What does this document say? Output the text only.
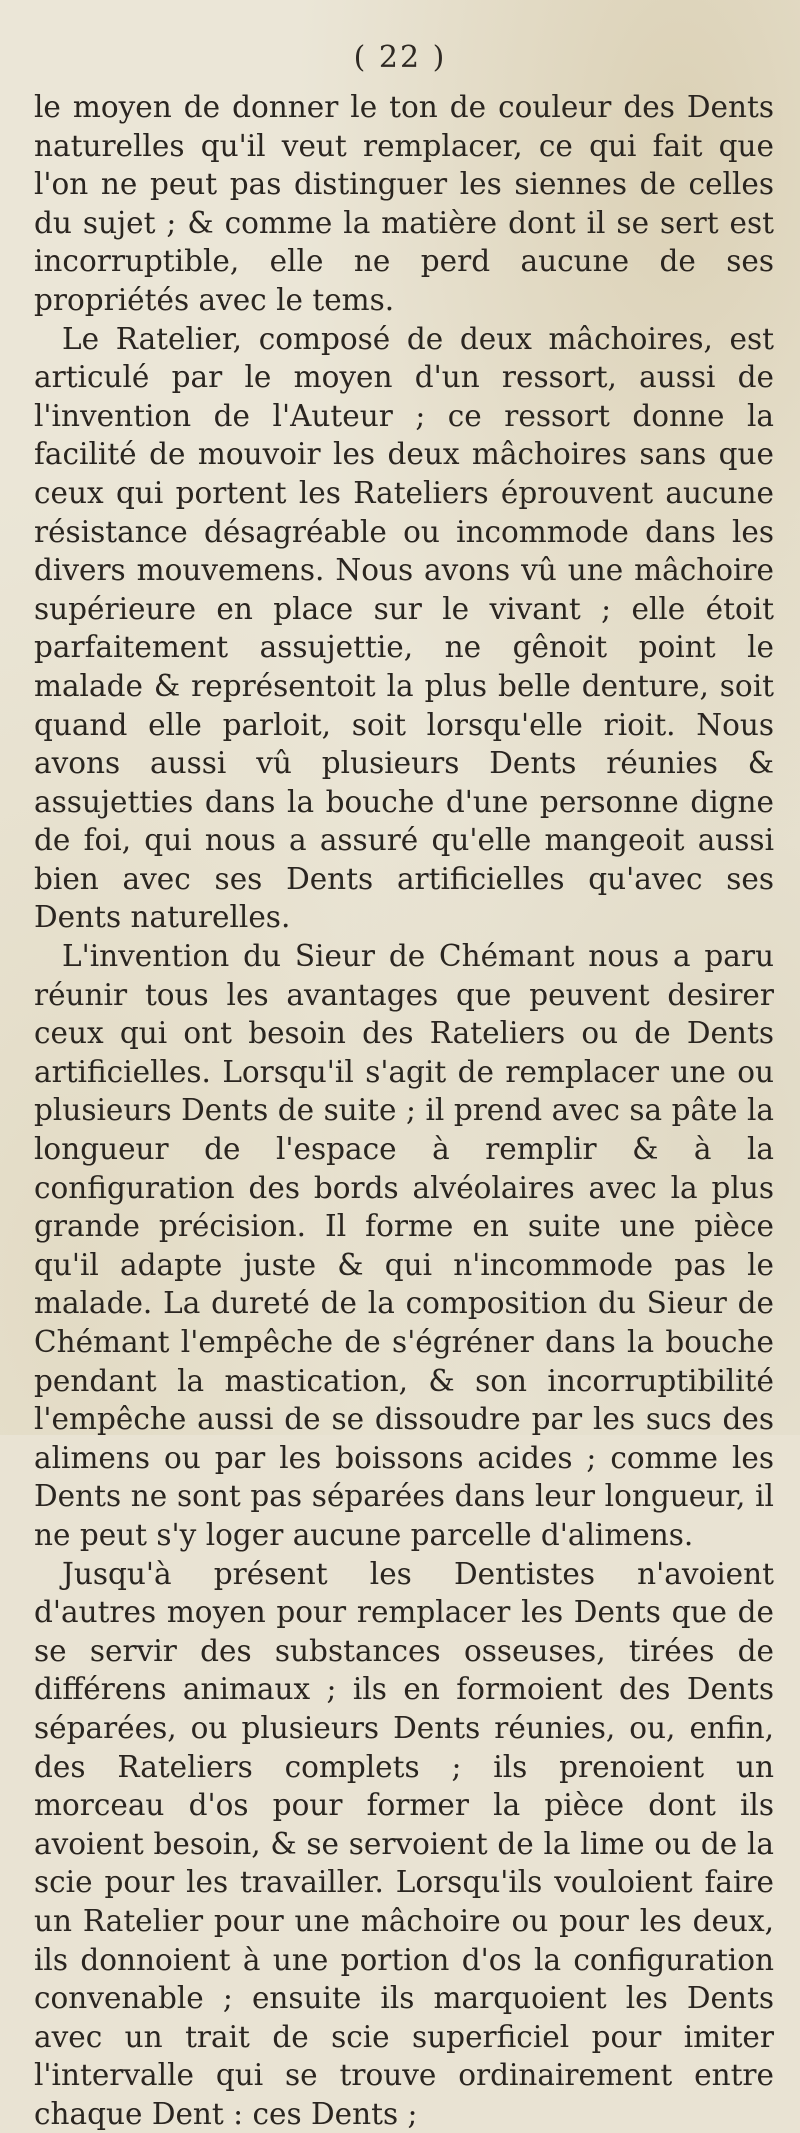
( 22 )

le moyen de donner le ton de couleur des Dents naturelles qu'il veut remplacer, ce qui fait que l'on ne peut pas distinguer les siennes de celles du sujet ; & comme la matière dont il se sert est incorruptible, elle ne perd aucune de ses propriétés avec le tems.

Le Ratelier, composé de deux mâchoires, est articulé par le moyen d'un ressort, aussi de l'invention de l'Auteur ; ce ressort donne la facilité de mouvoir les deux mâchoires sans que ceux qui portent les Rateliers éprouvent aucune résistance désagréable ou incommode dans les divers mouvemens. Nous avons vû une mâchoire supérieure en place sur le vivant ; elle étoit parfaitement assujettie, ne gênoit point le malade & représentoit la plus belle denture, soit quand elle parloit, soit lorsqu'elle rioit. Nous avons aussi vû plusieurs Dents réunies & assujetties dans la bouche d'une personne digne de foi, qui nous a assuré qu'elle mangeoit aussi bien avec ses Dents artificielles qu'avec ses Dents naturelles.

L'invention du Sieur de Chémant nous a paru réunir tous les avantages que peuvent desirer ceux qui ont besoin des Rateliers ou de Dents artificielles. Lorsqu'il s'agit de remplacer une ou plusieurs Dents de suite ; il prend avec sa pâte la longueur de l'espace à remplir & à la configuration des bords alvéolaires avec la plus grande précision. Il forme en suite une pièce qu'il adapte juste & qui n'incommode pas le malade. La dureté de la composition du Sieur de Chémant l'empêche de s'égréner dans la bouche pendant la mastication, & son incorruptibilité l'empêche aussi de se dissoudre par les sucs des alimens ou par les boissons acides ; comme les Dents ne sont pas séparées dans leur longueur, il ne peut s'y loger aucune parcelle d'alimens.

Jusqu'à présent les Dentistes n'avoient d'autres moyen pour remplacer les Dents que de se servir des substances osseuses, tirées de différens animaux ; ils en formoient des Dents séparées, ou plusieurs Dents réunies, ou, enfin, des Rateliers complets ; ils prenoient un morceau d'os pour former la pièce dont ils avoient besoin, & se servoient de la lime ou de la scie pour les travailler. Lorsqu'ils vouloient faire un Ratelier pour une mâchoire ou pour les deux, ils donnoient à une portion d'os la configuration convenable ; ensuite ils marquoient les Dents avec un trait de scie superficiel pour imiter l'intervalle qui se trouve ordinairement entre chaque Dent : ces Dents ;
